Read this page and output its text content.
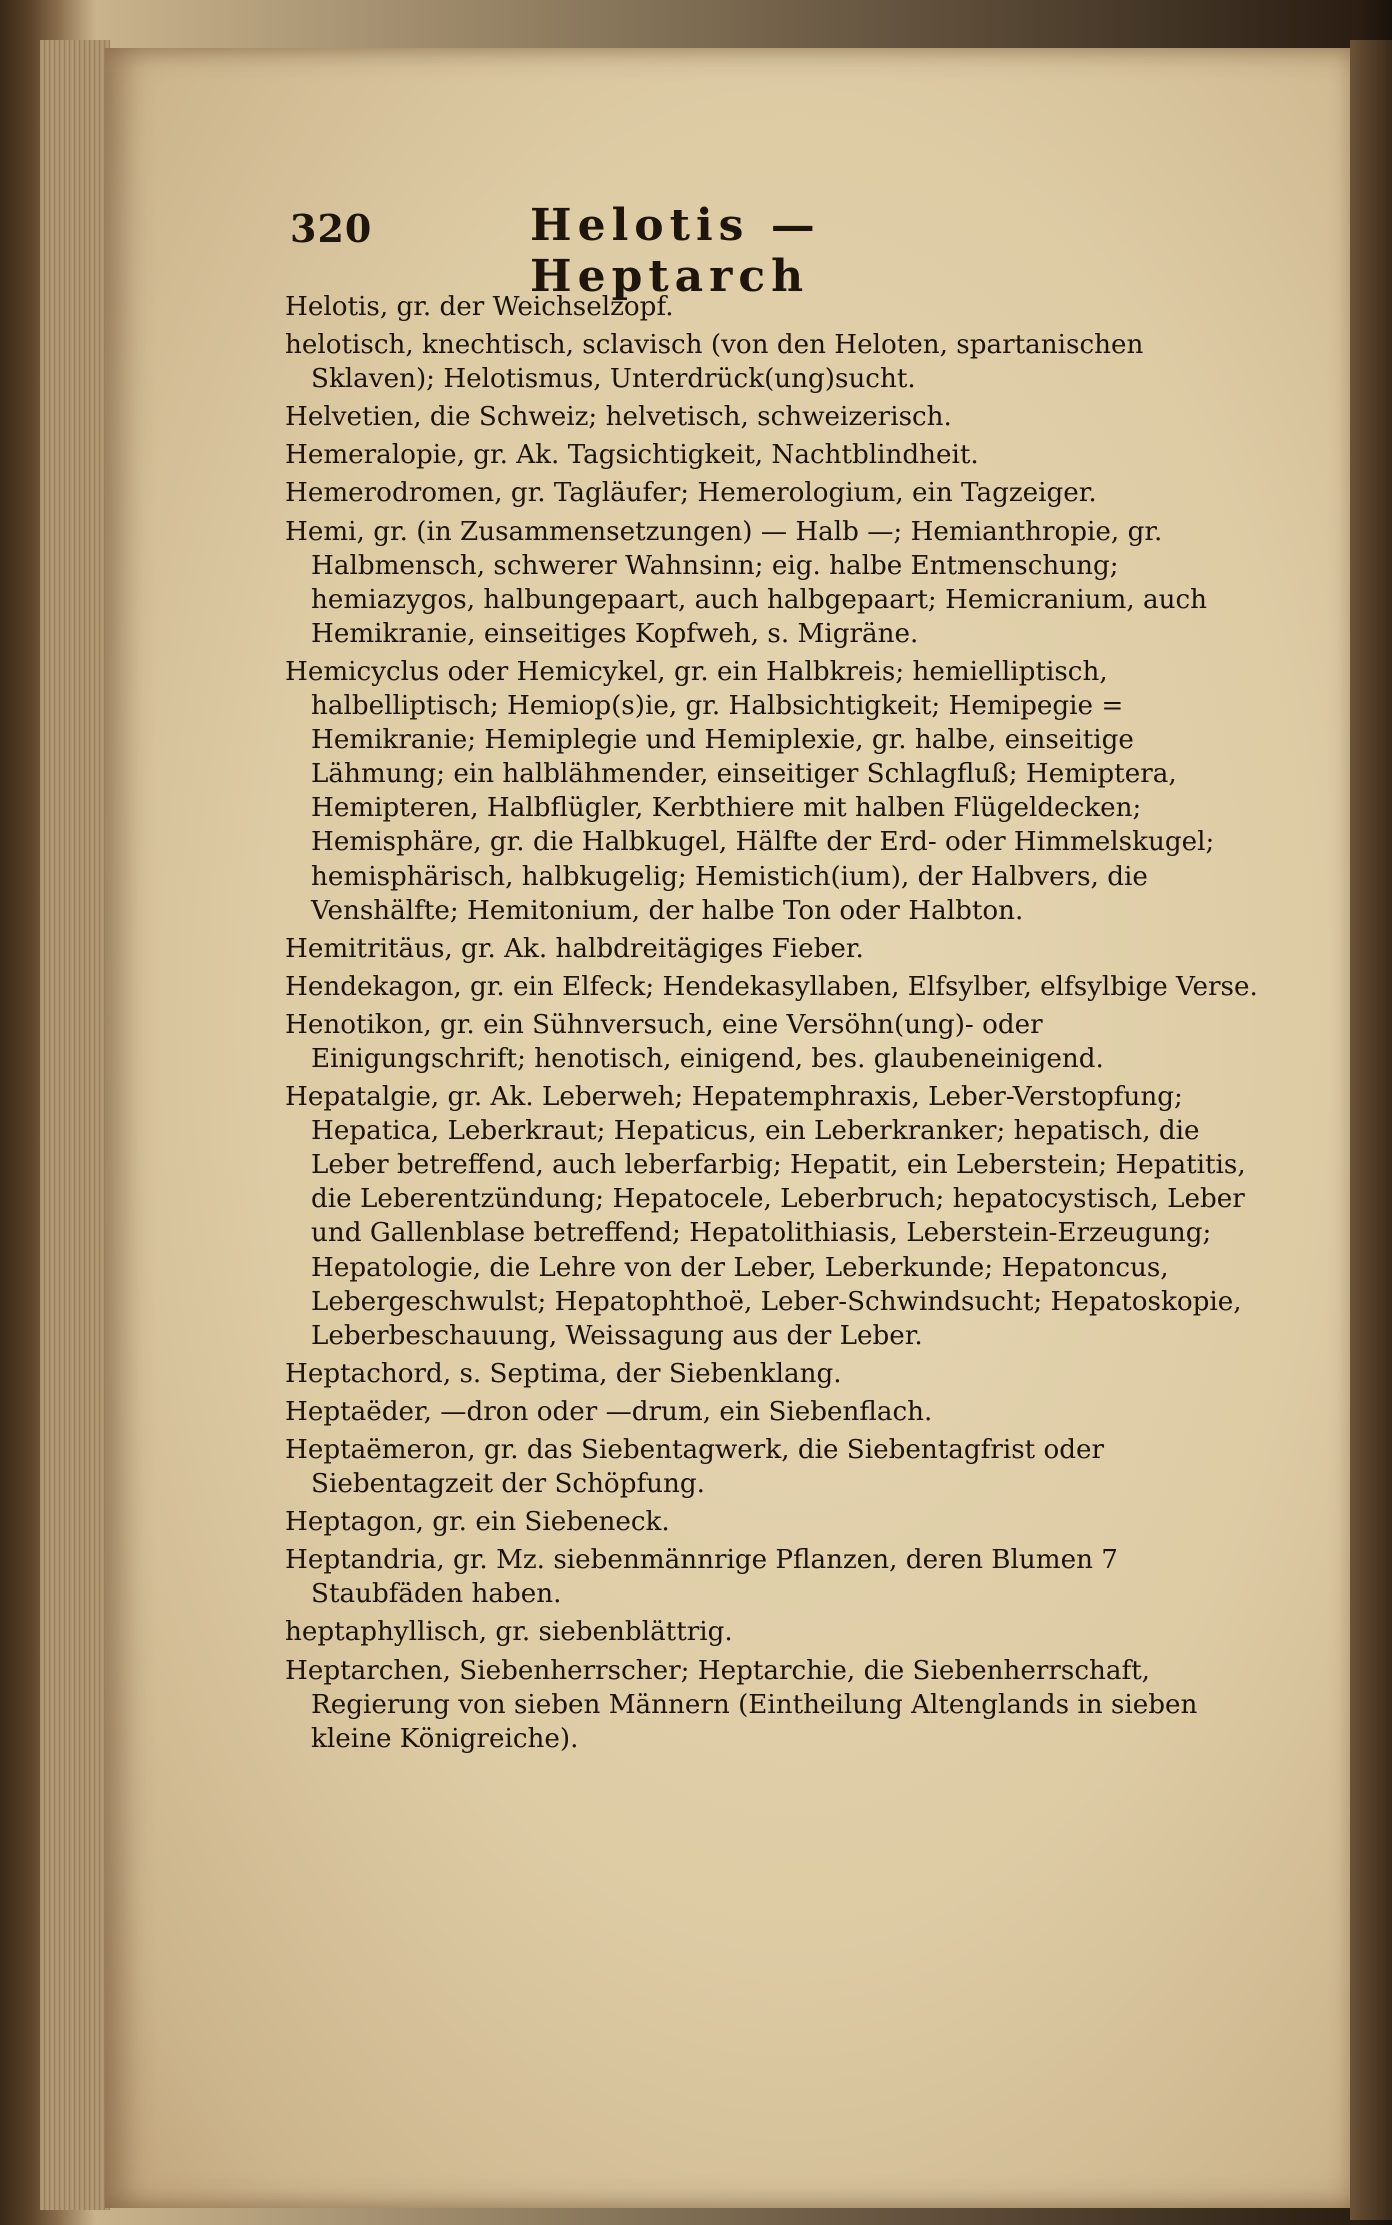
320	Helotis — Heptarch

Helotis, gr. der Weichselzopf.

helotisch, knechtisch, sclavisch (von den Heloten, spartanischen Sklaven); Helotismus, Unterdrück(ung)sucht.

Helvetien, die Schweiz; helvetisch, schweizerisch.

Hemeralopie, gr. Ak. Tagsichtigkeit, Nachtblindheit.

Hemerodromen, gr. Tagläufer; Hemerologium, ein Tagzeiger.

Hemi, gr. (in Zusammensetzungen) — Halb —; Hemianthropie, gr. Halbmensch, schwerer Wahnsinn; eig. halbe Entmenschung; hemiazygos, halbungepaart, auch halbgepaart; Hemicranium, auch Hemikranie, einseitiges Kopfweh, s. Migräne.

Hemicyclus oder Hemicykel, gr. ein Halbkreis; hemielliptisch, halbelliptisch; Hemiop(s)ie, gr. Halbsichtigkeit; Hemipegie = Hemikranie; Hemiplegie und Hemiplexie, gr. halbe, einseitige Lähmung; ein halblähmender, einseitiger Schlagfluß; Hemiptera, Hemipteren, Halbflügler, Kerbthiere mit halben Flügeldecken; Hemisphäre, gr. die Halbkugel, Hälfte der Erd- oder Himmelskugel; hemisphärisch, halbkugelig; Hemistich(ium), der Halbvers, die Venshälfte; Hemitonium, der halbe Ton oder Halbton.

Hemitritäus, gr. Ak. halbdreitägiges Fieber.

Hendekagon, gr. ein Elfeck; Hendekasyllaben, Elfsylber, elfsylbige Verse.

Henotikon, gr. ein Sühnversuch, eine Versöhn(ung)- oder Einigungschrift; henotisch, einigend, bes. glaubeneinigend.

Hepatalgie, gr. Ak. Leberweh; Hepatemphraxis, Leber-Verstopfung; Hepatica, Leberkraut; Hepaticus, ein Leberkranker; hepatisch, die Leber betreffend, auch leberfarbig; Hepatit, ein Leberstein; Hepatitis, die Leberentzündung; Hepatocele, Leberbruch; hepatocystisch, Leber und Gallenblase betreffend; Hepatolithiasis, Leberstein-Erzeugung; Hepatologie, die Lehre von der Leber, Leberkunde; Hepatoncus, Lebergeschwulst; Hepatophthoë, Leber-Schwindsucht; Hepatoskopie, Leberbeschauung, Weissagung aus der Leber.

Heptachord, s. Septima, der Siebenklang.

Heptaëder, —dron oder —drum, ein Siebenflach.

Heptaëmeron, gr. das Siebentagwerk, die Siebentagfrist oder Siebentagzeit der Schöpfung.

Heptagon, gr. ein Siebeneck.

Heptandria, gr. Mz. siebenmännrige Pflanzen, deren Blumen 7 Staubfäden haben.

heptaphyllisch, gr. siebenblättrig.

Heptarchen, Siebenherrscher; Heptarchie, die Siebenherrschaft, Regierung von sieben Männern (Eintheilung Altenglands in sieben kleine Königreiche).
